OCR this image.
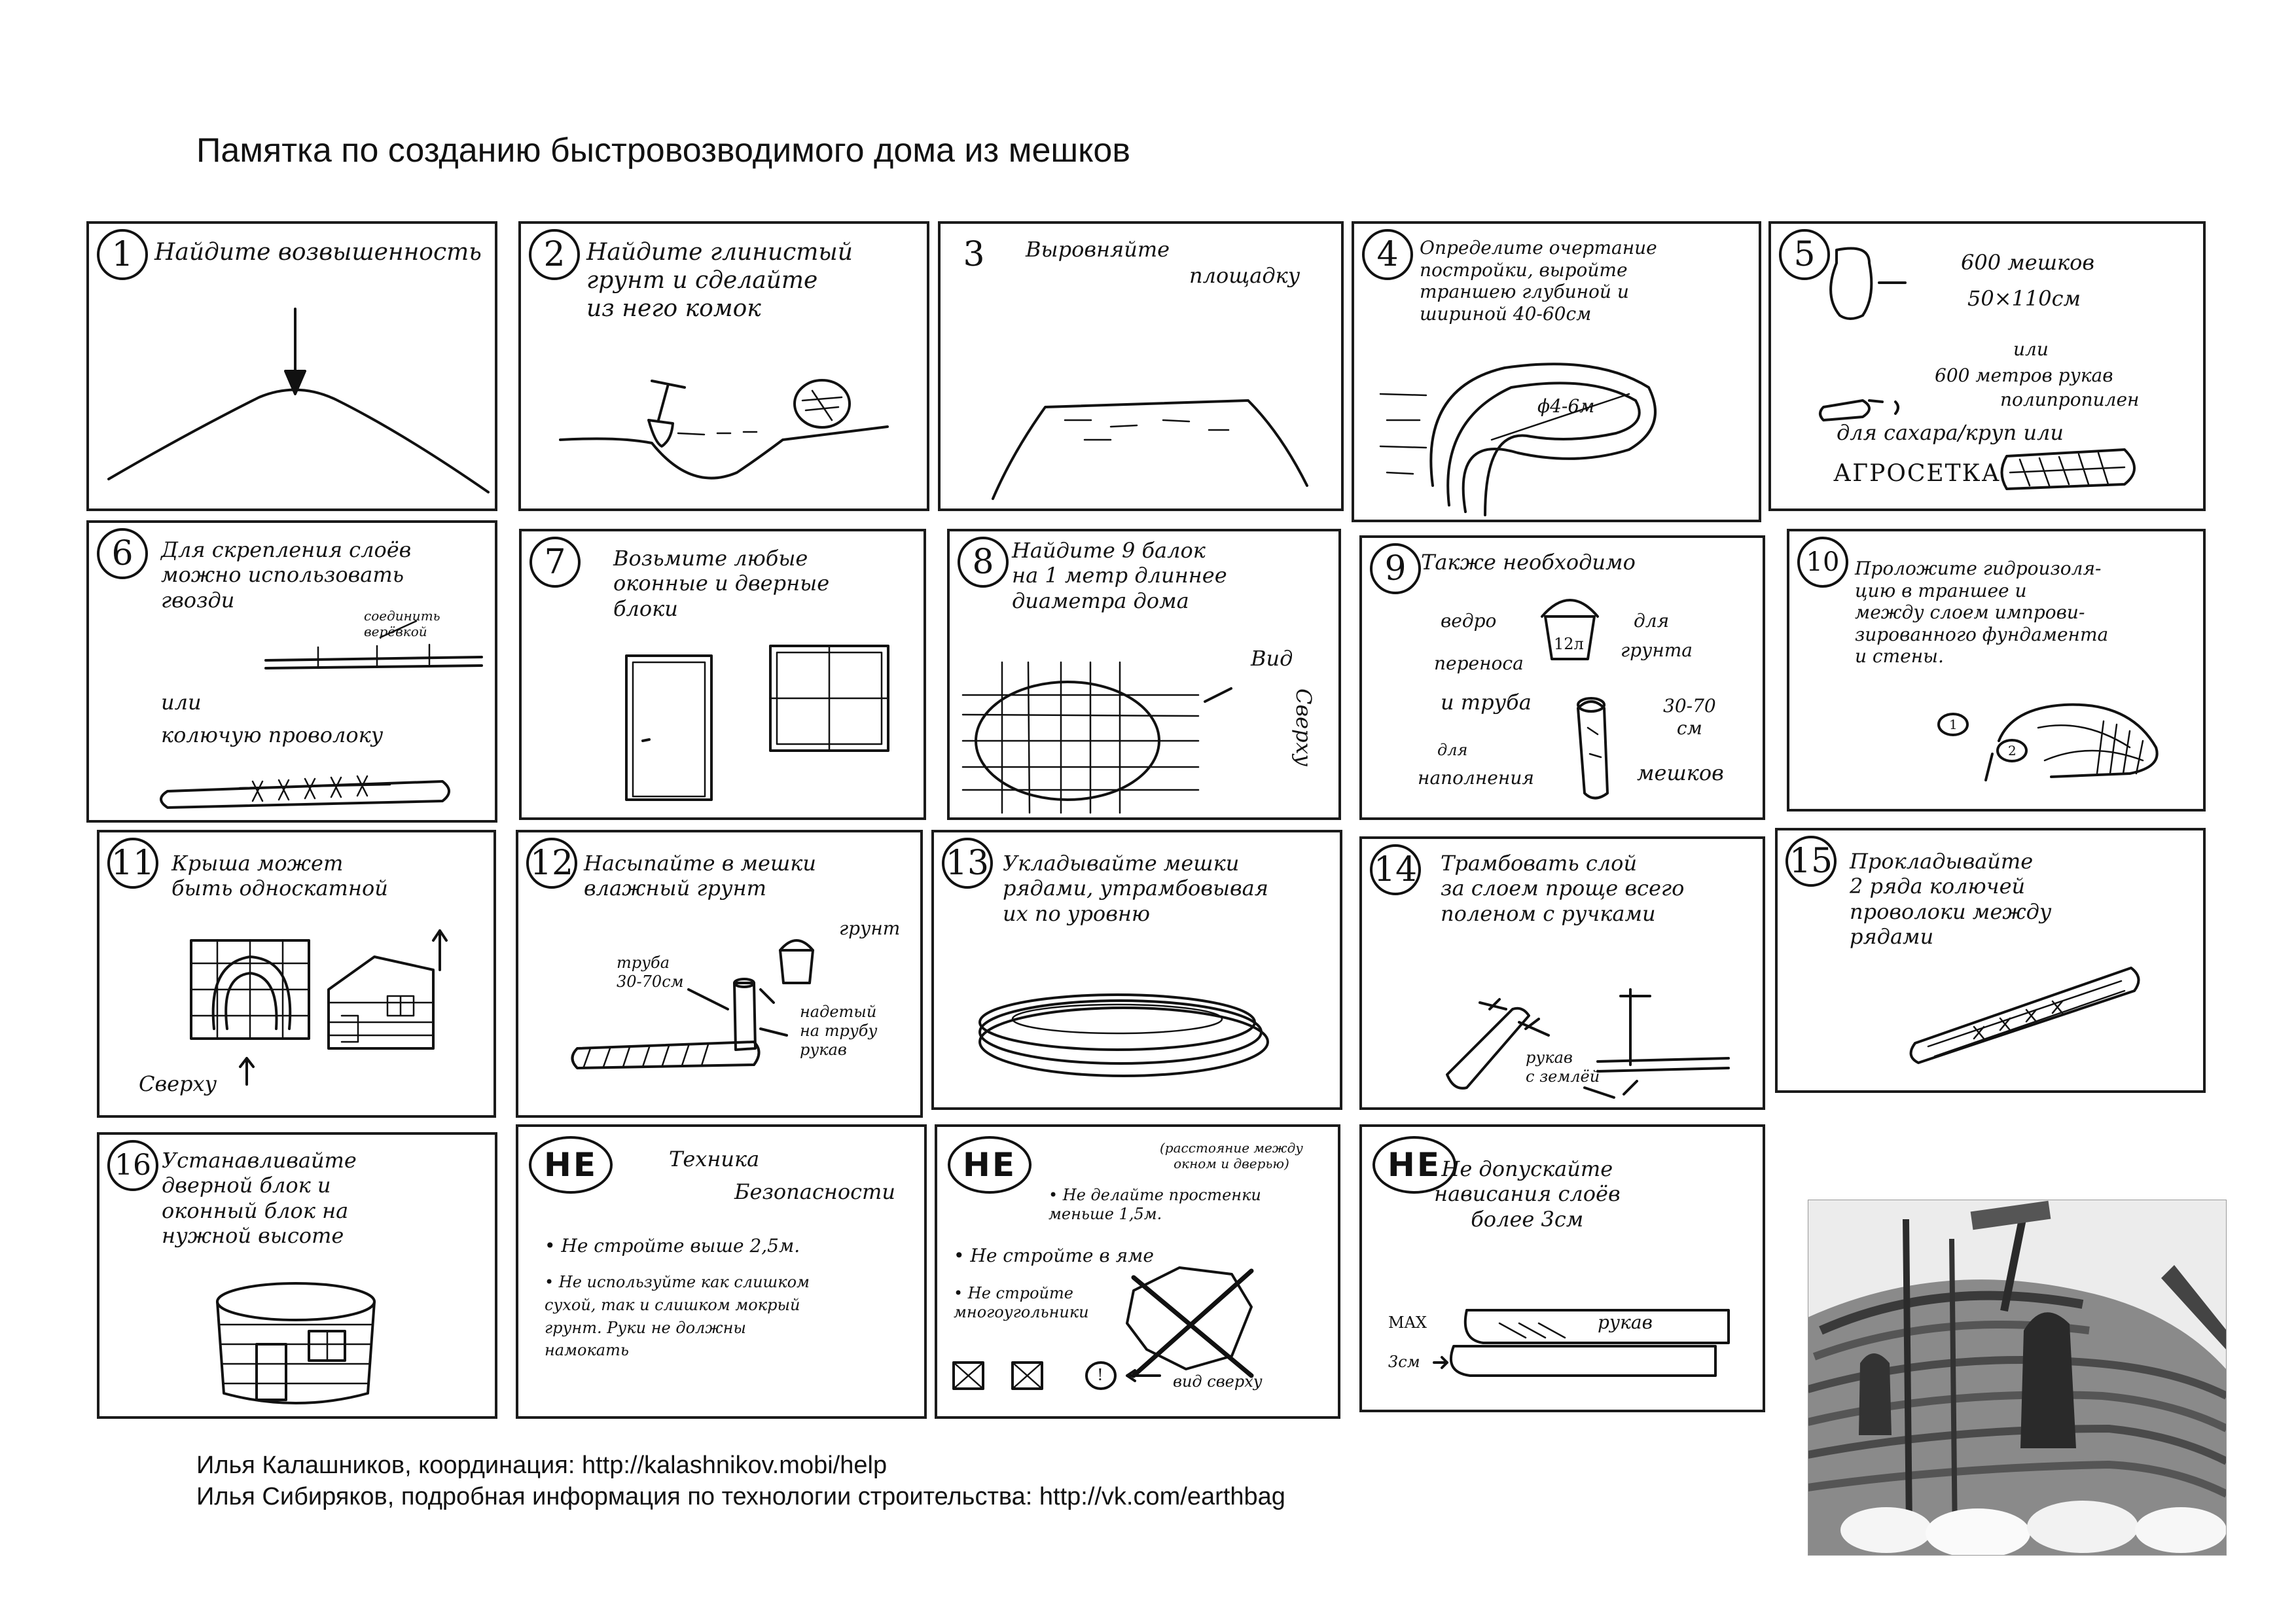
Памятка по созданию быстровозводимого дома из мешков
1 Найдите возвышенность	2 Найдите глинистый
грунт и сделайте
из него комок
3	Выровняйте
площадку
4	Определите очертание
постройки, выройте
траншею глубиной и
шириной 40-60см
ϕ4-6м
5	600 мешков
50×110см
или
600 метров рукав
полипропилен
для сахара/круп или
АГРОСЕТКА
6	Для скрепления слоёв
можно использовать
гвозди
соединить
верёвкой
или
колючую проволоку
7	Возьмите любые
оконные и дверные
блоки
8 Найдите 9 балок
на 1 метр длиннее
диаметра дома
Вид
Сверху
9 Также необходимо
ведро
12л
для
грунта
переноса
и труба	30-70
см
для
наполнения	мешков
10 Проложите гидроизоля-
цию в траншее и
между слоем импрови-
зированного фундамента
и стены.
1
2
11 Крыша может
быть односкатной
Сверху
12 Насыпайте в мешки
влажный грунт
грунт
труба
30-70см
надетый
на трубу
рукав
13 Укладывайте мешки
рядами, утрамбовывая
их по уровню
14 Трамбовать слой
за слоем проще всего
поленом с ручками
рукав
с землёй
15 Прокладывайте
2 ряда колючей
проволоки между
рядами
16 Устанавливайте
дверной блок и
оконный блок на
нужной высоте
НЕ	Техника
Безопасности
• Не стройте выше 2,5м.
• Не используйте как слишком
сухой, так и слишком мокрый
грунт. Руки не должны
намокать
НЕ	(расстояние между
окном и дверью)
• Не делайте простенки
меньше 1,5м.
• Не стройте в яме
• Не стройте
многоугольники
!	вид сверху
НЕ Не допускайте
нависания слоёв
более 3см
MAX
3см
рукав
Илья Калашников, координация: http://kalashnikov.mobi/help
Илья Сибиряков, подробная информация по технологии строительства: http://vk.com/earthbag
